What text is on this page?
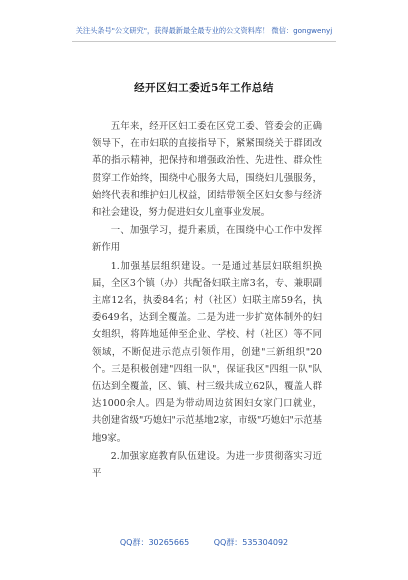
关注头条号"公文研究"，获得最新最全最专业的公文资料库！ 微信：gongwenyj
经开区妇工委近5年工作总结

五年来，经开区妇工委在区党工委、管委会的正确领导下，在市妇联的直接指导下，紧紧围绕关于群团改革的指示精神，把保持和增强政治性、先进性、群众性贯穿工作始终，围绕中心服务大局，围绕妇儿强服务，始终代表和维护妇儿权益，团结带领全区妇女参与经济和社会建设，努力促进妇女儿童事业发展。

一、加强学习，提升素质，在围绕中心工作中发挥新作用

1.加强基层组织建设。一是通过基层妇联组织换届，全区3个镇（办）共配备妇联主席3名，专、兼职副主席12名，执委84名；村（社区）妇联主席59名，执委649名，达到全覆盖。二是为进一步扩宽体制外的妇女组织，将阵地延伸至企业、学校、村（社区）等不同领域，不断促进示范点引领作用，创建"三新组织"20个。三是积极创建"四组一队"，保证我区"四组一队"队伍达到全覆盖，区、镇、村三级共成立62队，覆盖人群达1000余人。四是为带动周边贫困妇女家门口就业，共创建省级"巧媳妇"示范基地2家，市级"巧媳妇"示范基地9家。

2.加强家庭教育队伍建设。为进一步贯彻落实习近平

QQ群：30265665	QQ群：535304092
